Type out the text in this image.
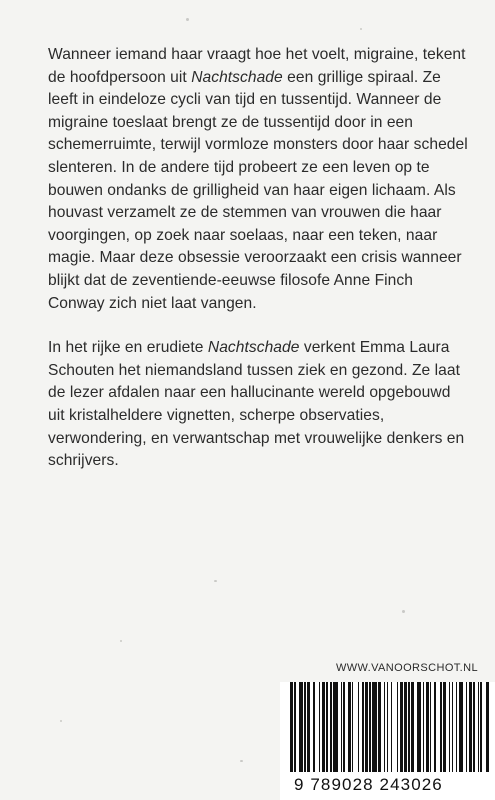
Wanneer iemand haar vraagt hoe het voelt, migraine, tekent de hoofdpersoon uit Nachtschade een grillige spiraal. Ze leeft in eindeloze cycli van tijd en tussentijd. Wanneer de migraine toeslaat brengt ze de tussentijd door in een schemerruimte, terwijl vormloze monsters door haar schedel slenteren. In de andere tijd probeert ze een leven op te bouwen ondanks de grilligheid van haar eigen lichaam. Als houvast verzamelt ze de stemmen van vrouwen die haar voorgingen, op zoek naar soelaas, naar een teken, naar magie. Maar deze obsessie veroorzaakt een crisis wanneer blijkt dat de zeventiende-eeuwse filosofe Anne Finch Conway zich niet laat vangen.

In het rijke en erudiete Nachtschade verkent Emma Laura Schouten het niemandsland tussen ziek en gezond. Ze laat de lezer afdalen naar een hallucinante wereld opgebouwd uit kristalheldere vignetten, scherpe observaties, verwondering, en verwantschap met vrouwelijke denkers en schrijvers.

WWW.VANOORSCHOT.NL
9 789028 243026
